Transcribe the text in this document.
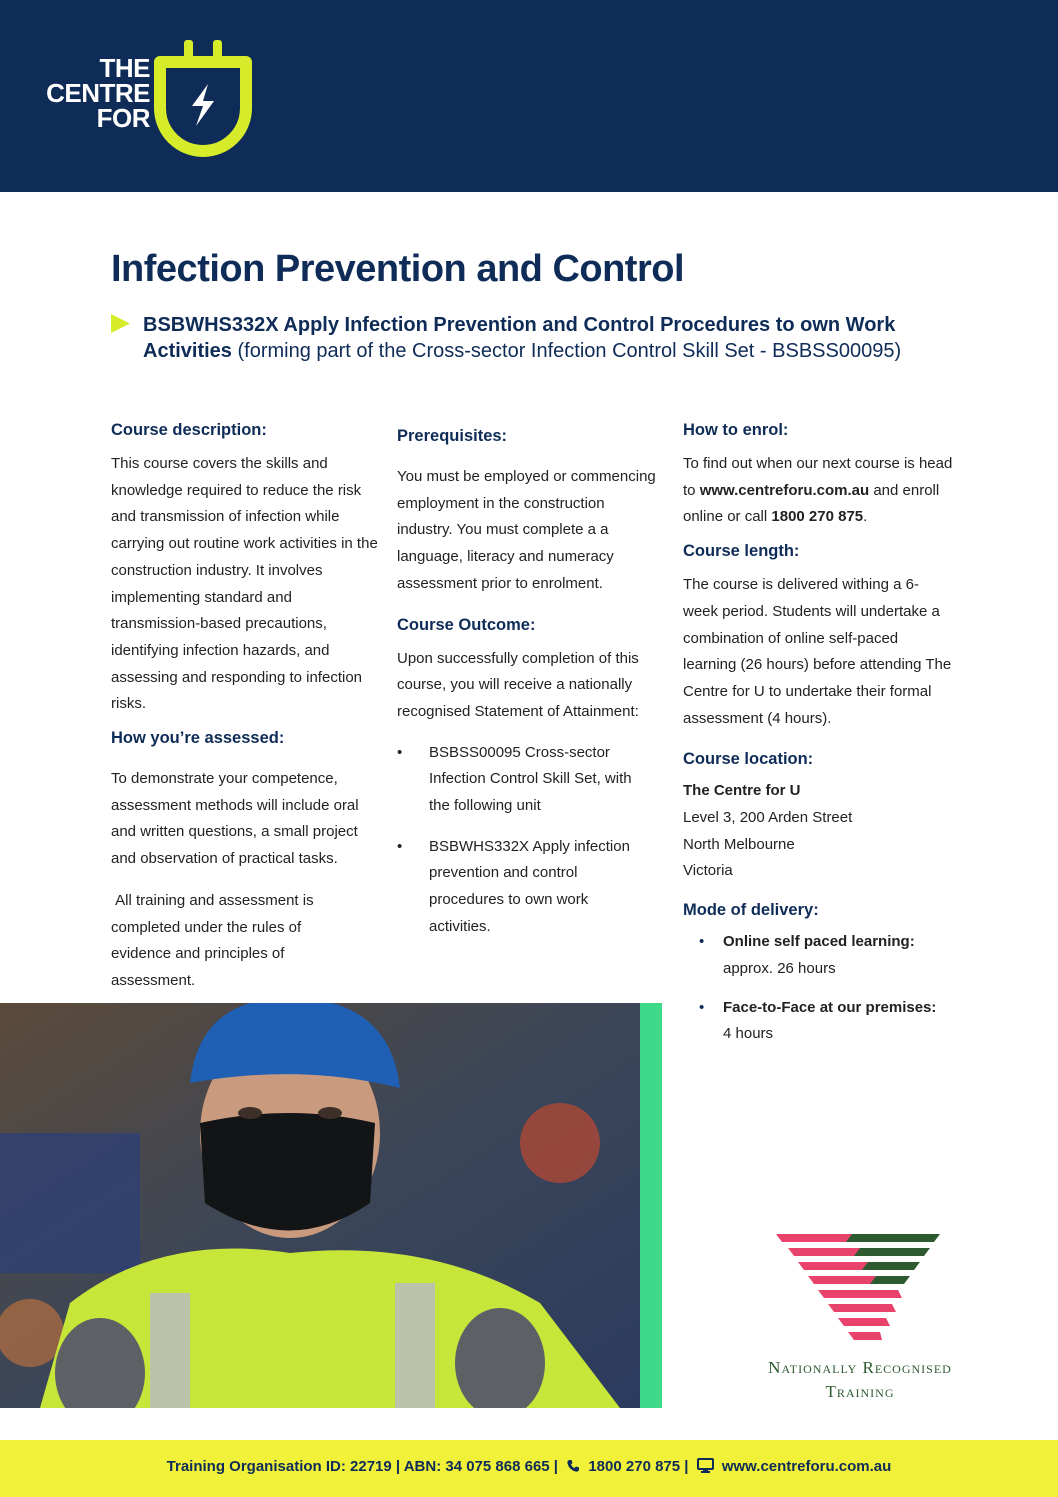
THE
CENTRE
FOR
Infection Prevention and Control
BSBWHS332X Apply Infection Prevention and Control Procedures to own Work Activities (forming part of the Cross-sector Infection Control Skill Set - BSBSS00095)
Course description:

This course covers the skills and knowledge required to reduce the risk and transmission of infection while carrying out routine work activities in the construction industry. It involves implementing standard and transmission-based precautions, identifying infection hazards, and assessing and responding to infection risks.

How you’re assessed:

To demonstrate your competence, assessment methods will include oral and written questions, a small project and observation of practical tasks.

All training and assessment is completed under the rules of evidence and principles of assessment.

Prerequisites:

You must be employed or commencing employment in the construction industry. You must complete a a language, literacy and numeracy assessment prior to enrolment.

Course Outcome:

Upon successfully completion of this course, you will receive a nationally recognised Statement of Attainment:

• BSBSS00095 Cross-sector Infection Control Skill Set, with the following unit
• BSBWHS332X Apply infection prevention and control procedures to own work activities.
How to enrol:

To find out when our next course is head to www.centreforu.com.au and enroll online or call 1800 270 875.

Course length:

The course is delivered withing a 6-week period. Students will undertake a combination of online self-paced learning (26 hours) before attending The Centre for U to undertake their formal assessment (4 hours).

Course location:

The Centre for U

Level 3, 200 Arden Street

North Melbourne

Victoria

Mode of delivery:
• Online self paced learning:
approx. 26 hours
• Face-to-Face at our premises:
4 hours
Nationally Recognised
Training
Training Organisation ID: 22719 | ABN: 34 075 868 665 | 1800 270 875 | www.centreforu.com.au
